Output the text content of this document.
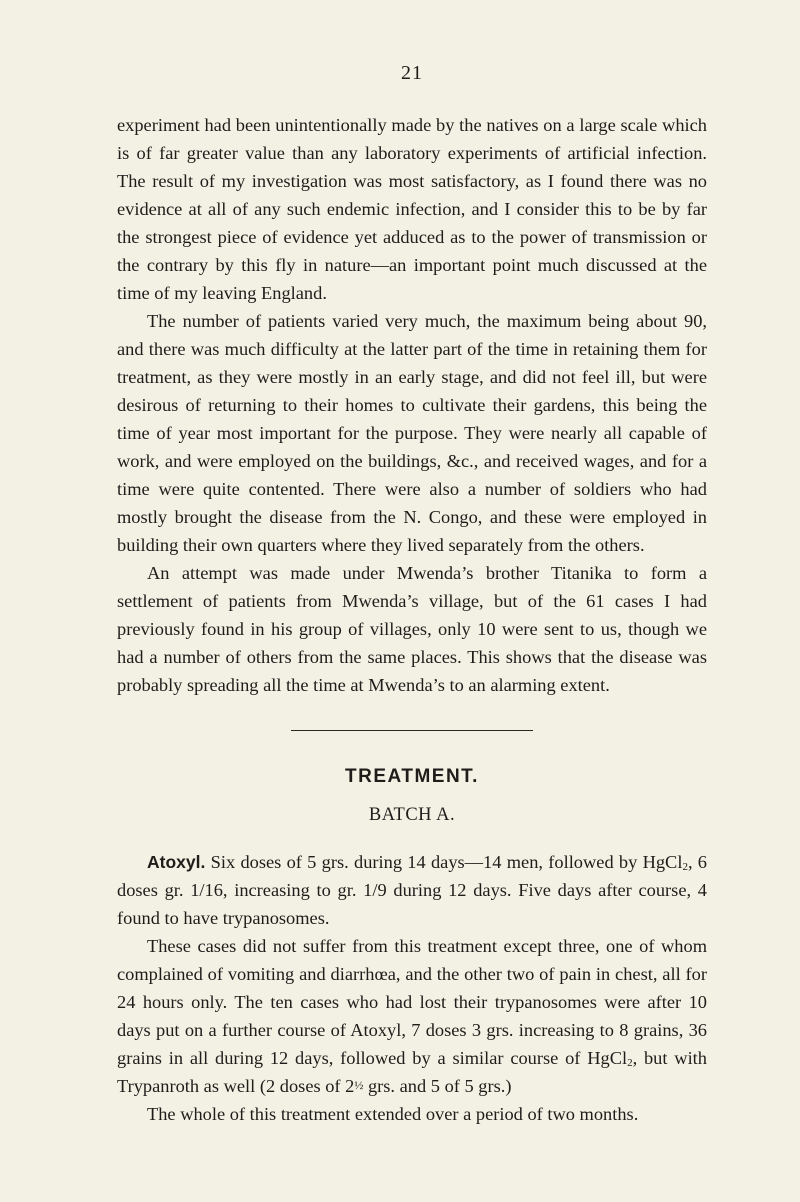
21

experiment had been unintentionally made by the natives on a large scale which is of far greater value than any laboratory experiments of artificial infection. The result of my investigation was most satisfactory, as I found there was no evidence at all of any such endemic infection, and I consider this to be by far the strongest piece of evidence yet adduced as to the power of transmission or the contrary by this fly in nature—an important point much discussed at the time of my leaving England.

The number of patients varied very much, the maximum being about 90, and there was much difficulty at the latter part of the time in retaining them for treatment, as they were mostly in an early stage, and did not feel ill, but were desirous of returning to their homes to cultivate their gardens, this being the time of year most important for the purpose. They were nearly all capable of work, and were employed on the buildings, &c., and received wages, and for a time were quite contented. There were also a number of soldiers who had mostly brought the disease from the N. Congo, and these were employed in building their own quarters where they lived separately from the others.

An attempt was made under Mwenda’s brother Titanika to form a settlement of patients from Mwenda’s village, but of the 61 cases I had previously found in his group of villages, only 10 were sent to us, though we had a number of others from the same places. This shows that the disease was probably spreading all the time at Mwenda’s to an alarming extent.

TREATMENT.
BATCH A.

Atoxyl. Six doses of 5 grs. during 14 days—14 men, followed by HgCl$_2$, 6 doses gr. 1/16, increasing to gr. 1/9 during 12 days. Five days after course, 4 found to have trypanosomes.

These cases did not suffer from this treatment except three, one of whom complained of vomiting and diarrhœa, and the other two of pain in chest, all for 24 hours only. The ten cases who had lost their trypanosomes were after 10 days put on a further course of Atoxyl, 7 doses 3 grs. increasing to 8 grains, 36 grains in all during 12 days, followed by a similar course of HgCl$_2$, but with Trypanroth as well (2 doses of 2½ grs. and 5 of 5 grs.)

The whole of this treatment extended over a period of two months.
